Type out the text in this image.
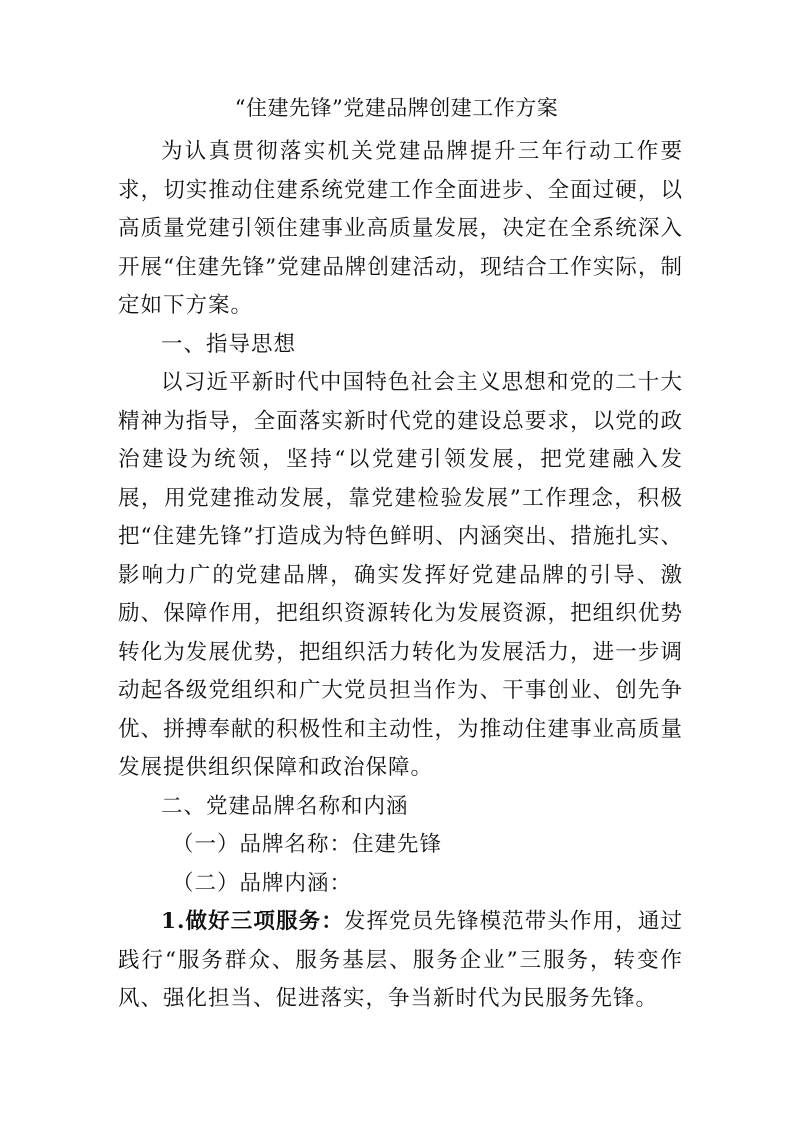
“住建先锋”党建品牌创建工作方案

为认真贯彻落实机关党建品牌提升三年行动工作要求，切实推动住建系统党建工作全面进步、全面过硬，以高质量党建引领住建事业高质量发展，决定在全系统深入开展“住建先锋”党建品牌创建活动，现结合工作实际，制定如下方案。

一、指导思想

以习近平新时代中国特色社会主义思想和党的二十大精神为指导，全面落实新时代党的建设总要求，以党的政治建设为统领，坚持“以党建引领发展，把党建融入发展，用党建推动发展，靠党建检验发展”工作理念，积极把“住建先锋”打造成为特色鲜明、内涵突出、措施扎实、影响力广的党建品牌，确实发挥好党建品牌的引导、激励、保障作用，把组织资源转化为发展资源，把组织优势转化为发展优势，把组织活力转化为发展活力，进一步调动起各级党组织和广大党员担当作为、干事创业、创先争优、拼搏奉献的积极性和主动性，为推动住建事业高质量发展提供组织保障和政治保障。

二、党建品牌名称和内涵

（一）品牌名称：住建先锋

（二）品牌内涵：

1.做好三项服务：发挥党员先锋模范带头作用，通过践行“服务群众、服务基层、服务企业”三服务，转变作风、强化担当、促进落实，争当新时代为民服务先锋。
